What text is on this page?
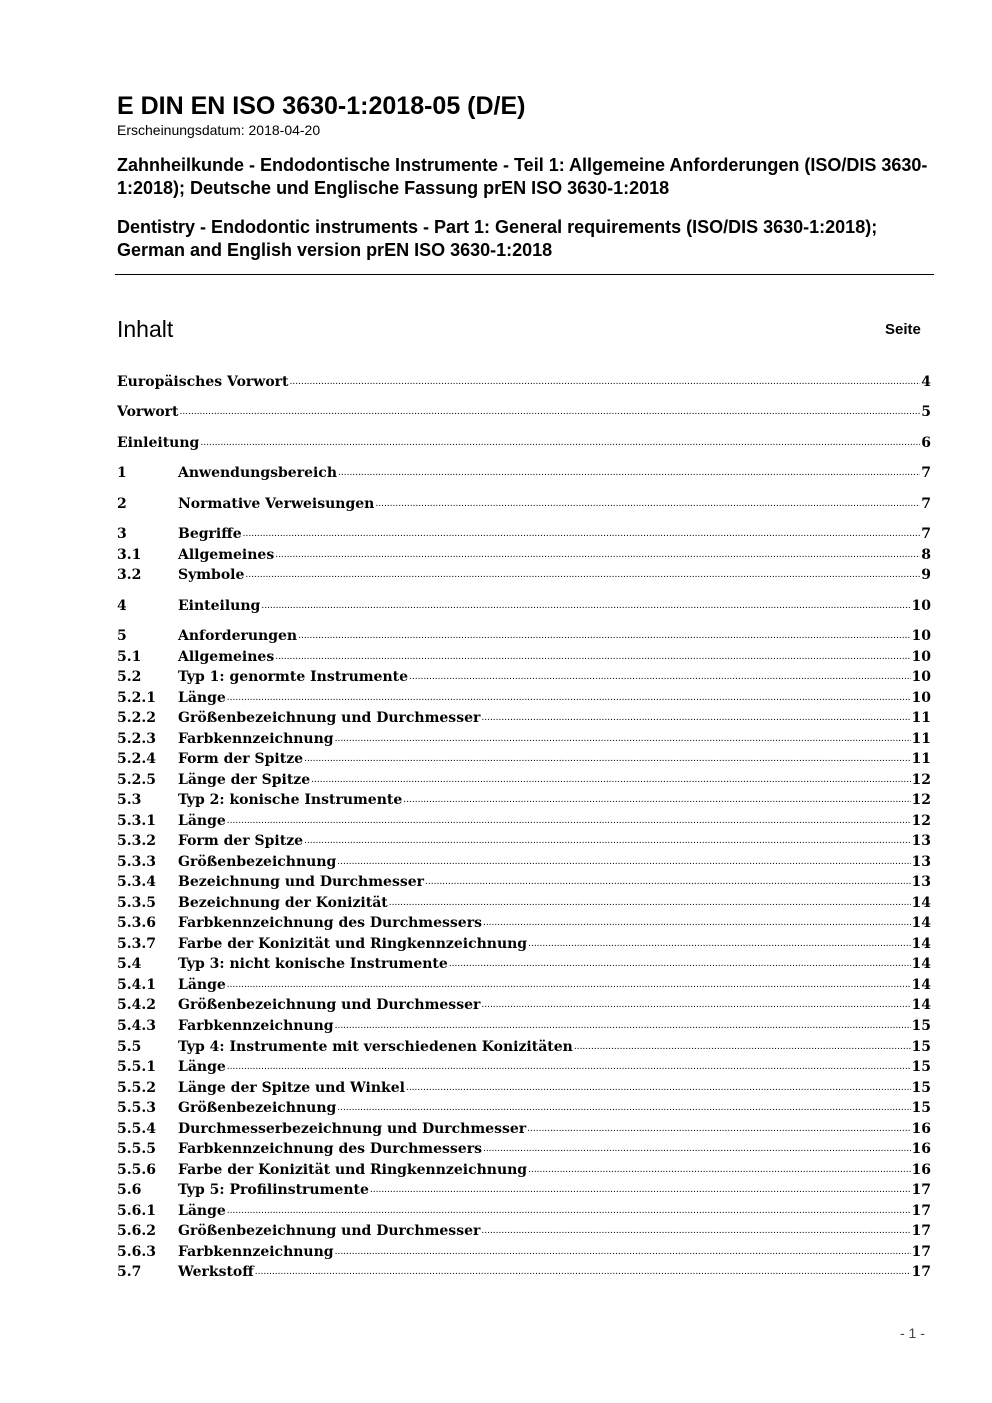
E DIN EN ISO 3630-1:2018-05 (D/E)
Erscheinungsdatum: 2018-04-20
Zahnheilkunde - Endodontische Instrumente - Teil 1: Allgemeine Anforderungen (ISO/DIS 3630-1:2018); Deutsche und Englische Fassung prEN ISO 3630-1:2018
Dentistry - Endodontic instruments - Part 1: General requirements (ISO/DIS 3630-1:2018); German and English version prEN ISO 3630-1:2018
Inhalt	Seite
Europäisches Vorwort .....	4
Vorwort .....	5
Einleitung .....	6
1	Anwendungsbereich .....	7
2	Normative Verweisungen .....	7
3	Begriffe .....	7
3.1	Allgemeines .....	8
3.2	Symbole .....	9
4	Einteilung .....	10
5	Anforderungen .....	10
5.1	Allgemeines .....	10
5.2	Typ 1: genormte Instrumente .....	10
5.2.1 Länge .....	10
5.2.2 Größenbezeichnung und Durchmesser .....	11
5.2.3 Farbkennzeichnung .....	11
5.2.4 Form der Spitze .....	11
5.2.5 Länge der Spitze .....	12
5.3	Typ 2: konische Instrumente .....	12
5.3.1 Länge .....	12
5.3.2 Form der Spitze .....	13
5.3.3 Größenbezeichnung .....	13
5.3.4 Bezeichnung und Durchmesser .....	13
5.3.5 Bezeichnung der Konizität .....	14
5.3.6 Farbkennzeichnung des Durchmessers .....	14
5.3.7 Farbe der Konizität und Ringkennzeichnung .....	14
5.4	Typ 3: nicht konische Instrumente .....	14
5.4.1 Länge .....	14
5.4.2 Größenbezeichnung und Durchmesser .....	14
5.4.3 Farbkennzeichnung .....	15
5.5	Typ 4: Instrumente mit verschiedenen Konizitäten .....	15
5.5.1 Länge .....	15
5.5.2 Länge der Spitze und Winkel .....	15
5.5.3 Größenbezeichnung .....	15
5.5.4 Durchmesserbezeichnung und Durchmesser .....	16
5.5.5 Farbkennzeichnung des Durchmessers .....	16
5.5.6 Farbe der Konizität und Ringkennzeichnung .....	16
5.6	Typ 5: Profilinstrumente .....	17
5.6.1 Länge .....	17
5.6.2 Größenbezeichnung und Durchmesser .....	17
5.6.3 Farbkennzeichnung .....	17
5.7	Werkstoff .....	17
- 1 -
